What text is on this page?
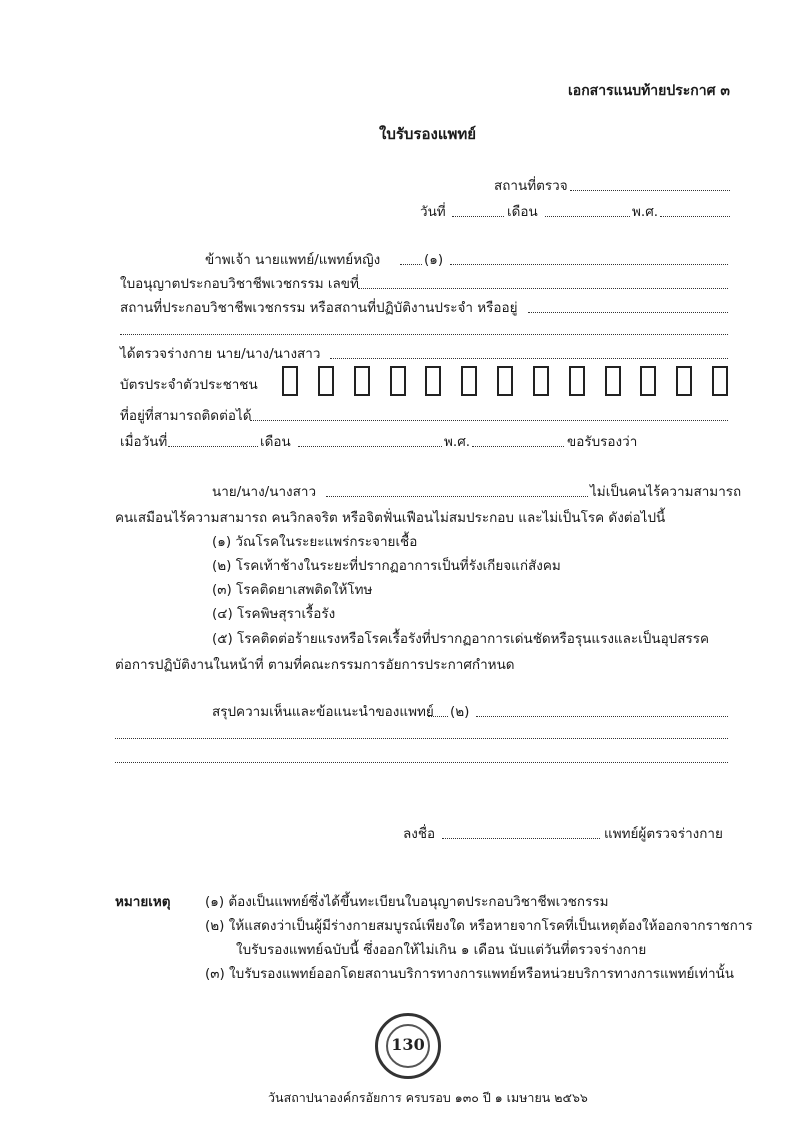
เอกสารแนบท้ายประกาศ ๓
ใบรับรองแพทย์
สถานที่ตรวจ
วันที่	เดือน	พ.ศ.
ข้าพเจ้า นายแพทย์/แพทย์หญิง	(๑)
ใบอนุญาตประกอบวิชาชีพเวชกรรม เลขที่
สถานที่ประกอบวิชาชีพเวชกรรม หรือสถานที่ปฏิบัติงานประจำ หรืออยู่
ได้ตรวจร่างกาย นาย/นาง/นางสาว
บัตรประจำตัวประชาชน
ที่อยู่ที่สามารถติดต่อได้
เมื่อวันที่	เดือน	พ.ศ.	ขอรับรองว่า
นาย/นาง/นางสาว	ไม่เป็นคนไร้ความสามารถ
คนเสมือนไร้ความสามารถ คนวิกลจริต หรือจิตฟั่นเฟือนไม่สมประกอบ และไม่เป็นโรค ดังต่อไปนี้
(๑) วัณโรคในระยะแพร่กระจายเชื้อ
(๒) โรคเท้าช้างในระยะที่ปรากฏอาการเป็นที่รังเกียจแก่สังคม
(๓) โรคติดยาเสพติดให้โทษ
(๔) โรคพิษสุราเรื้อรัง
(๕) โรคติดต่อร้ายแรงหรือโรคเรื้อรังที่ปรากฏอาการเด่นชัดหรือรุนแรงและเป็นอุปสรรค
ต่อการปฏิบัติงานในหน้าที่ ตามที่คณะกรรมการอัยการประกาศกำหนด
สรุปความเห็นและข้อแนะนำของแพทย์ (๒)
ลงชื่อ	แพทย์ผู้ตรวจร่างกาย
หมายเหตุ	(๑) ต้องเป็นแพทย์ซึ่งได้ขึ้นทะเบียนใบอนุญาตประกอบวิชาชีพเวชกรรม
(๒) ให้แสดงว่าเป็นผู้มีร่างกายสมบูรณ์เพียงใด หรือหายจากโรคที่เป็นเหตุต้องให้ออกจากราชการ
ใบรับรองแพทย์ฉบับนี้ ซึ่งออกให้ไม่เกิน ๑ เดือน นับแต่วันที่ตรวจร่างกาย
(๓) ใบรับรองแพทย์ออกโดยสถานบริการทางการแพทย์หรือหน่วยบริการทางการแพทย์เท่านั้น
130
วันสถาปนาองค์กรอัยการ ครบรอบ ๑๓๐ ปี ๑ เมษายน ๒๕๖๖
